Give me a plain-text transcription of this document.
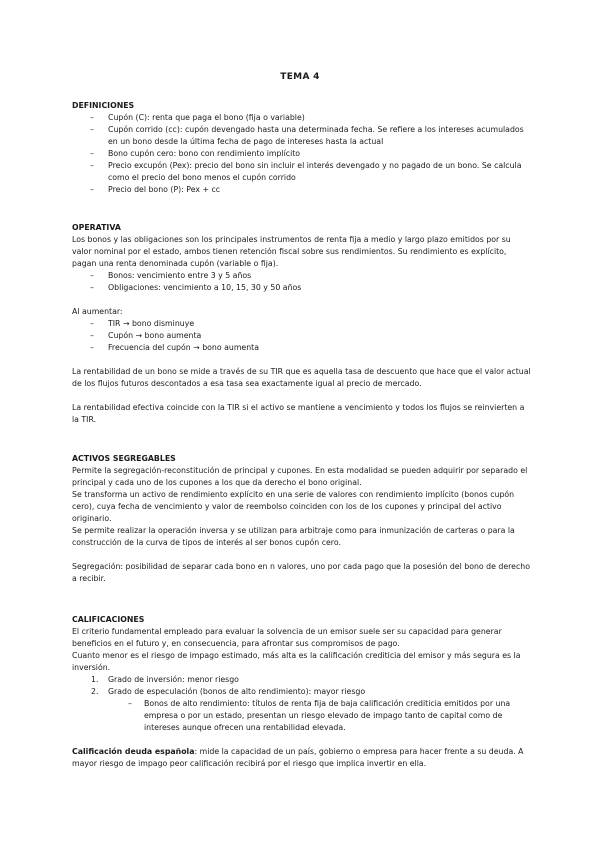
TEMA 4
DEFINICIONES
– Cupón (C): renta que paga el bono (fija o variable)
– Cupón corrido (cc): cupón devengado hasta una determinada fecha. Se refiere a los intereses acumulados en un bono desde la última fecha de pago de intereses hasta la actual
– Bono cupón cero: bono con rendimiento implícito
– Precio excupón (Pex): precio del bono sin incluir el interés devengado y no pagado de un bono. Se calcula como el precio del bono menos el cupón corrido
– Precio del bono (P): Pex + cc
OPERATIVA

Los bonos y las obligaciones son los principales instrumentos de renta fija a medio y largo plazo emitidos por su valor nominal por el estado, ambos tienen retención fiscal sobre sus rendimientos. Su rendimiento es explícito, pagan una renta denominada cupón (variable o fija).

– Bonos: vencimiento entre 3 y 5 años
– Obligaciones: vencimiento a 10, 15, 30 y 50 años

Al aumentar:

– TIR → bono disminuye
– Cupón → bono aumenta
– Frecuencia del cupón → bono aumenta

La rentabilidad de un bono se mide a través de su TIR que es aquella tasa de descuento que hace que el valor actual de los flujos futuros descontados a esa tasa sea exactamente igual al precio de mercado.

La rentabilidad efectiva coincide con la TIR si el activo se mantiene a vencimiento y todos los flujos se reinvierten a la TIR.

ACTIVOS SEGREGABLES

Permite la segregación-reconstitución de principal y cupones. En esta modalidad se pueden adquirir por separado el principal y cada uno de los cupones a los que da derecho el bono original.

Se transforma un activo de rendimiento explícito en una serie de valores con rendimiento implícito (bonos cupón cero), cuya fecha de vencimiento y valor de reembolso coinciden con los de los cupones y principal del activo originario.

Se permite realizar la operación inversa y se utilizan para arbitraje como para inmunización de carteras o para la construcción de la curva de tipos de interés al ser bonos cupón cero.

Segregación: posibilidad de separar cada bono en n valores, uno por cada pago que la posesión del bono de derecho a recibir.

CALIFICACIONES

El criterio fundamental empleado para evaluar la solvencia de un emisor suele ser su capacidad para generar beneficios en el futuro y, en consecuencia, para afrontar sus compromisos de pago.

Cuanto menor es el riesgo de impago estimado, más alta es la calificación crediticia del emisor y más segura es la inversión.

1. Grado de inversión: menor riesgo
2. Grado de especulación (bonos de alto rendimiento): mayor riesgo
– Bonos de alto rendimiento: títulos de renta fija de baja calificación crediticia emitidos por una empresa o por un estado, presentan un riesgo elevado de impago tanto de capital como de intereses aunque ofrecen una rentabilidad elevada.

Calificación deuda española: mide la capacidad de un país, gobierno o empresa para hacer frente a su deuda. A mayor riesgo de impago peor calificación recibirá por el riesgo que implica invertir en ella.
